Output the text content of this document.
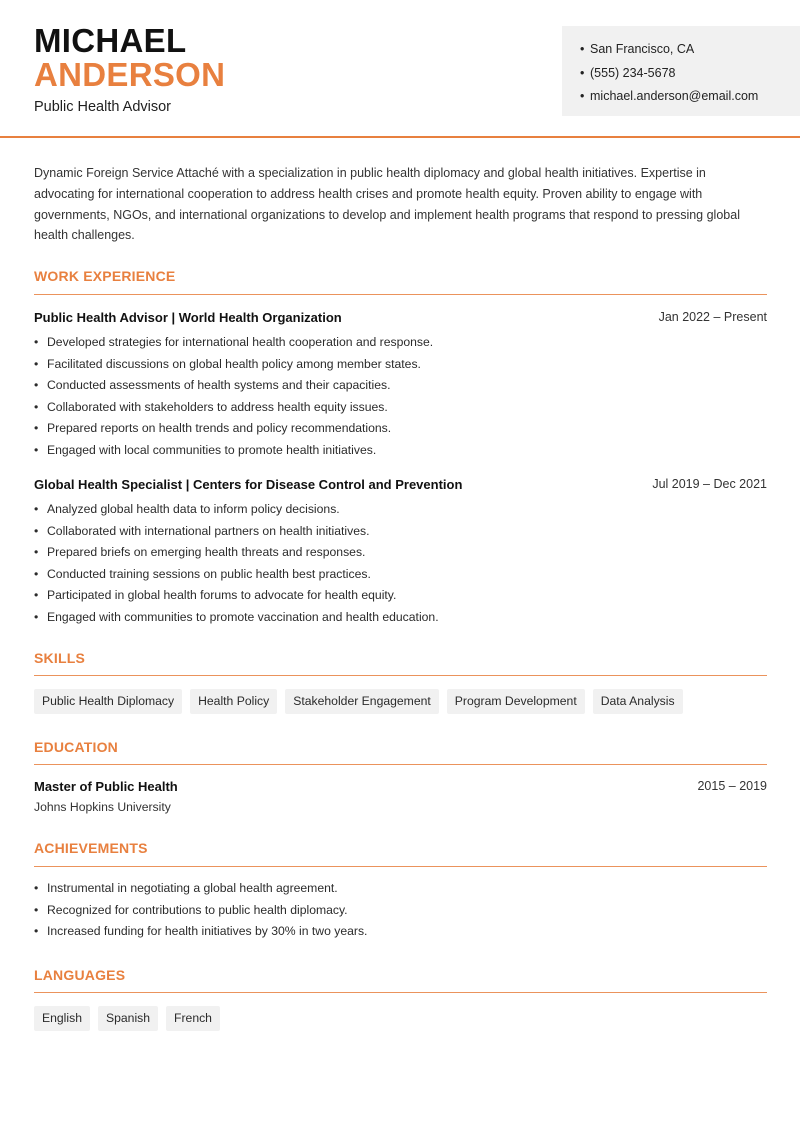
MICHAEL
ANDERSON
Public Health Advisor
• San Francisco, CA
• (555) 234-5678
• michael.anderson@email.com

Dynamic Foreign Service Attaché with a specialization in public health diplomacy and global health initiatives. Expertise in advocating for international cooperation to address health crises and promote health equity. Proven ability to engage with governments, NGOs, and international organizations to develop and implement health programs that respond to pressing global health challenges.

WORK EXPERIENCE
Public Health Advisor | World Health Organization	Jan 2022 – Present
• Developed strategies for international health cooperation and response.
• Facilitated discussions on global health policy among member states.
• Conducted assessments of health systems and their capacities.
• Collaborated with stakeholders to address health equity issues.
• Prepared reports on health trends and policy recommendations.
• Engaged with local communities to promote health initiatives.
Global Health Specialist | Centers for Disease Control and Prevention	Jul 2019 – Dec 2021
• Analyzed global health data to inform policy decisions.
• Collaborated with international partners on health initiatives.
• Prepared briefs on emerging health threats and responses.
• Conducted training sessions on public health best practices.
• Participated in global health forums to advocate for health equity.
• Engaged with communities to promote vaccination and health education.
SKILLS
Public Health Diplomacy	Health Policy	Stakeholder Engagement	Program Development	Data Analysis
EDUCATION
Master of Public Health	2015 – 2019
Johns Hopkins University
ACHIEVEMENTS
• Instrumental in negotiating a global health agreement.
• Recognized for contributions to public health diplomacy.
• Increased funding for health initiatives by 30% in two years.
LANGUAGES
English	Spanish	French
